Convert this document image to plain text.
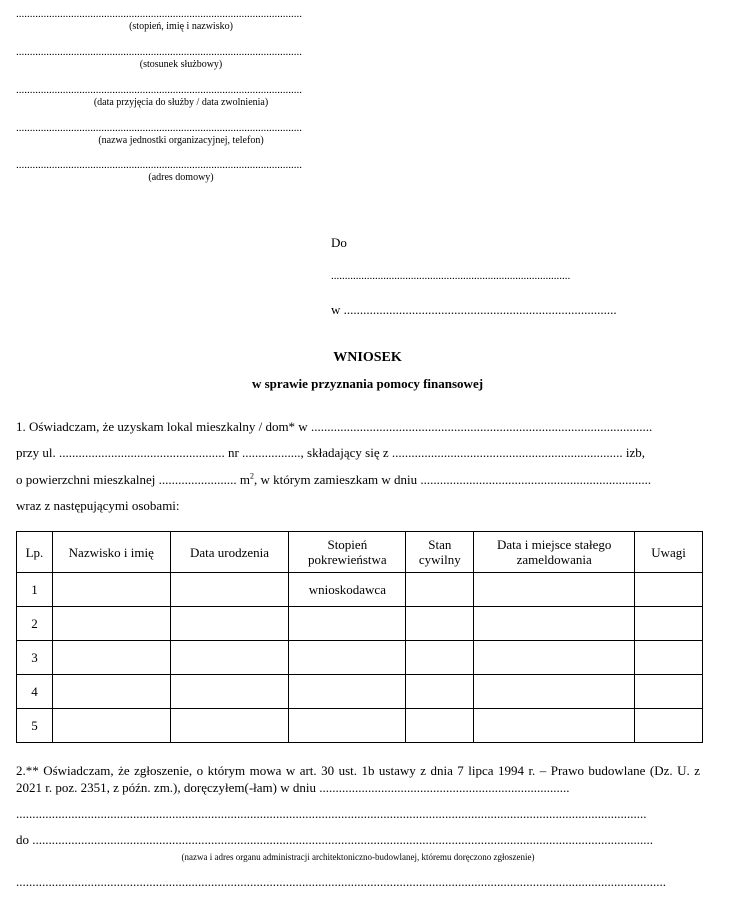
........................................................................................................
(stopień, imię i nazwisko)
........................................................................................................
(stosunek służbowy)
........................................................................................................
(data przyjęcia do służby / data zwolnienia)
........................................................................................................
(nazwa jednostki organizacyjnej, telefon)
........................................................................................................
(adres domowy)
Do
.......................................................................................
w ....................................................................................
WNIOSEK
w sprawie przyznania pomocy finansowej
1. Oświadczam, że uzyskam lokal mieszkalny / dom* w .........................................................................................................
przy ul. ................................................... nr .................., składający się z ....................................................................... izb,
o powierzchni mieszkalnej ........................ $m^2$, w którym zamieszkam w dniu .......................................................................
wraz z następującymi osobami:
Lp.	Nazwisko i imię	Data urodzenia	Stopień pokrewieństwa	Stan cywilny	Data i miejsce stałego zameldowania	Uwagi
1			wnioskodawca			
2						
3						
4						
5						
2.** Oświadczam, że zgłoszenie, o którym mowa w art. 30 ust. 1b ustawy z dnia 7 lipca 1994 r. – Prawo budowlane (Dz. U. z 2021 r. poz. 2351, z późn. zm.), doręczyłem(-łam) w dniu .............................................................................
..................................................................................................................................................................................................
do ...............................................................................................................................................................................................
(nazwa i adres organu administracji architektoniczno-budowlanej, któremu doręczono zgłoszenie)
........................................................................................................................................................................................................
